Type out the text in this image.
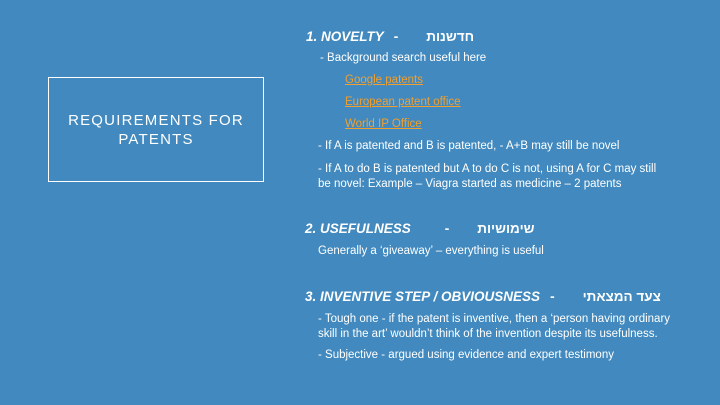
REQUIREMENTS FOR PATENTS
1. NOVELTY - חדשנות
- Background search useful here
Google patents
European patent office
World IP Office
- If A is patented and B is patented, - A+B may still be novel
- If A to do B is patented but A to do C is not, using A for C may still
be novel: Example – Viagra started as medicine – 2 patents
2. USEFULNESS	- שימושיות
Generally a ‘giveaway’ – everything is useful
3. INVENTIVE STEP / OBVIOUSNESS - צעד המצאתי
- Tough one - if the patent is inventive, then a ‘person having ordinary
skill in the art’ wouldn’t think of the invention despite its usefulness.
- Subjective - argued using evidence and expert testimony
